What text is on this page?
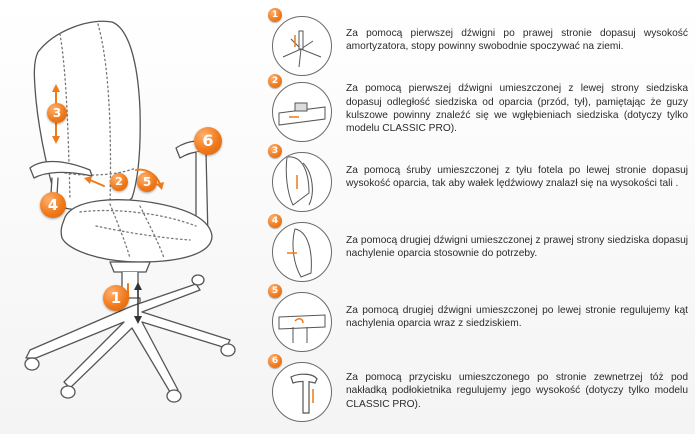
1
2
3
4
5
6
1
Za pomocą pierwszej dźwigni po prawej stronie dopasuj wysokość amortyzatora, stopy powinny swobodnie spoczywać na ziemi.
2
Za pomocą pierwszej dźwigni umieszczonej z lewej strony siedziska dopasuj odległość siedziska od oparcia (przód, tył), pamiętając że guzy kulszowe powinny znaleźć się we wgłębieniach siedziska (dotyczy tylko modelu CLASSIC PRO).
3
Za pomocą śruby umieszczonej z tyłu fotela po lewej stronie dopasuj wysokość oparcia, tak aby wałek lędźwiowy znalazł się na wysokości tali .
4
Za pomocą drugiej dźwigni umieszczonej z prawej strony siedziska dopasuj nachylenie oparcia stosownie do potrzeby.
5
Za pomocą drugiej dźwigni umieszczonej po lewej stronie regulujemy kąt nachylenia oparcia wraz z siedziskiem.
6
Za pomocą przycisku umieszczonego po stronie zewnetrzej tóż pod nakładką podłokietnika regulujemy jego wysokość (dotyczy tylko modelu CLASSIC PRO).
